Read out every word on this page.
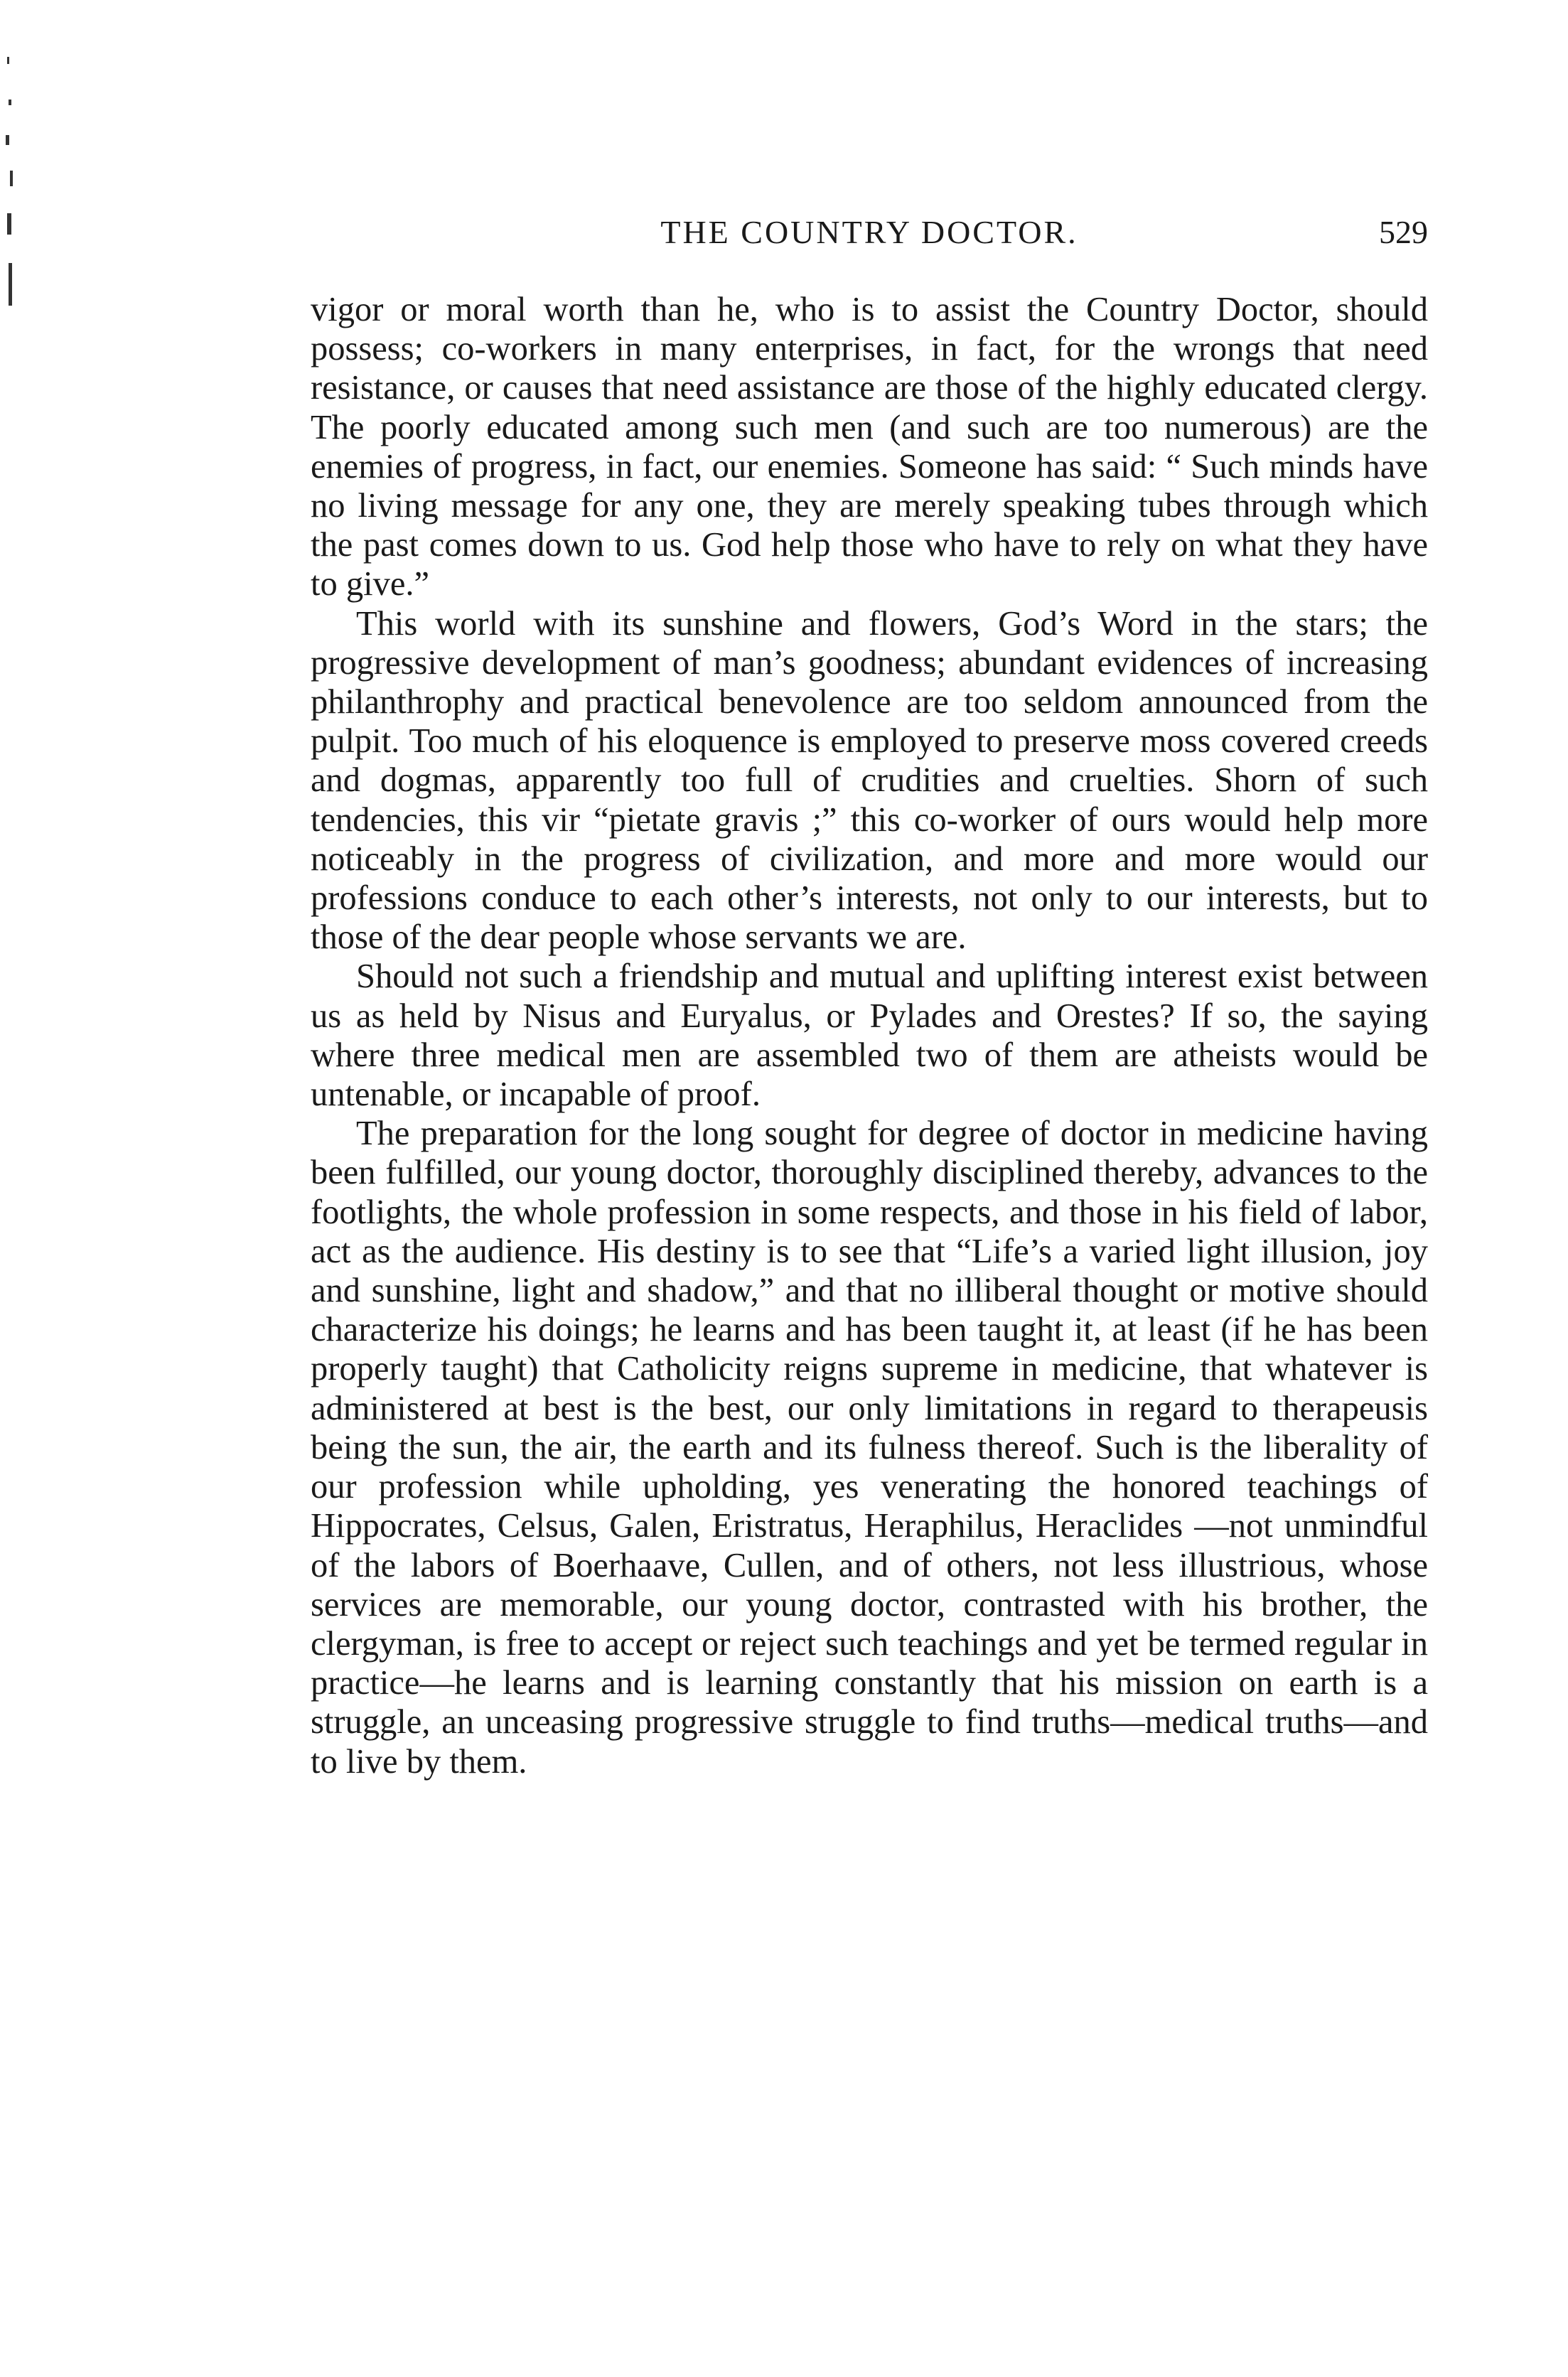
THE COUNTRY DOCTOR.	529

vigor or moral worth than he, who is to assist the Country Doctor, should possess; co-workers in many enterprises, in fact, for the wrongs that need resistance, or causes that need assistance are those of the highly educated clergy. The poorly educated among such men (and such are too numerous) are the enemies of progress, in fact, our enemies. Someone has said: “ Such minds have no living message for any one, they are merely speaking tubes through which the past comes down to us. God help those who have to rely on what they have to give.”

This world with its sunshine and flowers, God’s Word in the stars; the progressive development of man’s goodness; abundant evidences of increasing philanthrophy and practical benevolence are too seldom announced from the pulpit. Too much of his eloquence is employed to preserve moss covered creeds and dogmas, apparently too full of crudities and cruelties. Shorn of such tendencies, this vir “pietate gravis ;” this co-worker of ours would help more noticeably in the progress of civilization, and more and more would our professions conduce to each other’s interests, not only to our interests, but to those of the dear people whose servants we are.

Should not such a friendship and mutual and uplifting interest exist between us as held by Nisus and Euryalus, or Pylades and Orestes? If so, the saying where three medical men are assembled two of them are atheists would be untenable, or incapable of proof.

The preparation for the long sought for degree of doctor in medicine having been fulfilled, our young doctor, thoroughly disciplined thereby, advances to the footlights, the whole profession in some respects, and those in his field of labor, act as the audience. His destiny is to see that “Life’s a varied light illusion, joy and sunshine, light and shadow,” and that no illiberal thought or motive should characterize his doings; he learns and has been taught it, at least (if he has been properly taught) that Catholicity reigns supreme in medicine, that whatever is administered at best is the best, our only limitations in regard to therapeusis being the sun, the air, the earth and its fulness thereof. Such is the liberality of our profession while upholding, yes venerating the honored teachings of Hippocrates, Celsus, Galen, Eristratus, Heraphilus, Heraclides —not unmindful of the labors of Boerhaave, Cullen, and of others, not less illustrious, whose services are memorable, our young doctor, contrasted with his brother, the clergyman, is free to accept or reject such teachings and yet be termed regular in practice—he learns and is learning constantly that his mission on earth is a struggle, an unceasing progressive struggle to find truths—medical truths—and to live by them.
